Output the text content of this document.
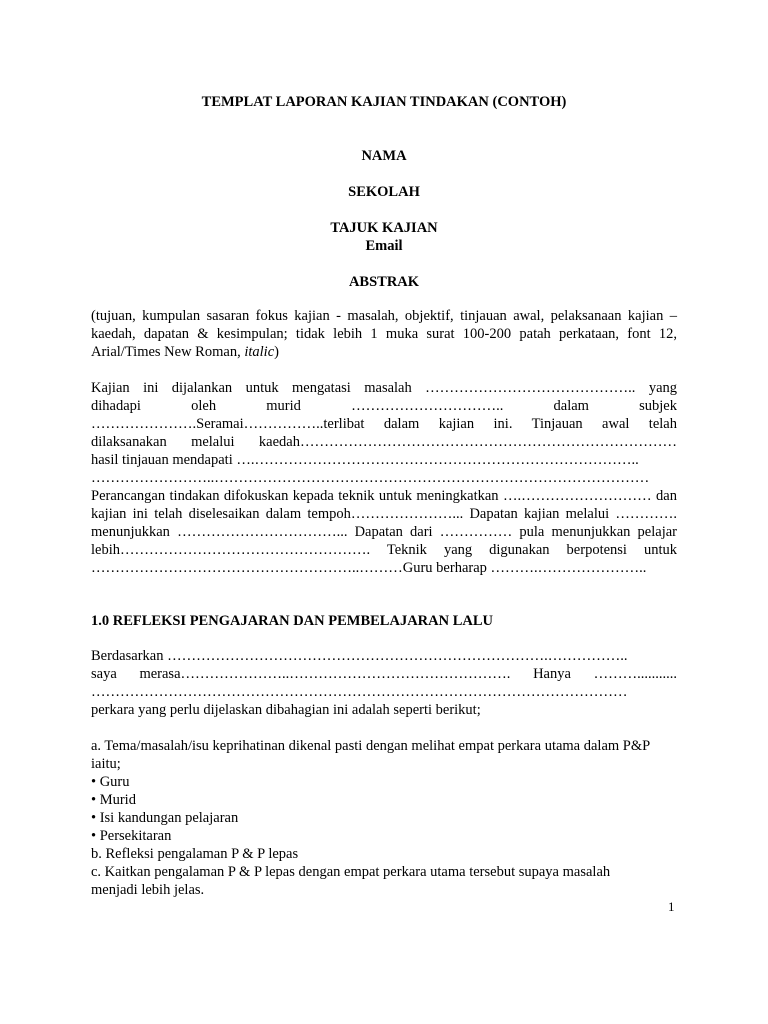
TEMPLAT LAPORAN KAJIAN TINDAKAN (CONTOH)
NAMA
SEKOLAH
TAJUK KAJIAN
Email
ABSTRAK
(tujuan, kumpulan sasaran fokus kajian - masalah, objektif, tinjauan awal, pelaksanaan kajian –
kaedah, dapatan & kesimpulan; tidak lebih 1 muka surat 100-200 patah perkataan, font 12,
Arial/Times New Roman, italic)
Kajian ini dijalankan untuk mengatasi masalah …………………………………….. yang
dihadapi oleh murid ………………………….. dalam subjek
………………….Seramai……………..terlibat dalam kajian ini. Tinjauan awal telah
dilaksanakan melalui kaedah……………………………………………………………………
hasil tinjauan mendapati ….……………………………………………………………………..
……………………..………………………………………………………………………………
Perancangan tindakan difokuskan kepada teknik untuk meningkatkan ….……………………… dan
kajian ini telah diselesaikan dalam tempoh…………………... Dapatan kajian melalui ………….
menunjukkan ……………………………... Dapatan dari …………… pula menunjukkan pelajar
lebih……………………………………………. Teknik yang digunakan berpotensi untuk
………………………………………………..………Guru berharap ……….…………………..
1.0 REFLEKSI PENGAJARAN DAN PEMBELAJARAN LALU
Berdasarkan …………………………………………………………………….……………..
saya merasa…………………..………………………………………. Hanya ………...........
…………………………………………………………………………………………………
perkara yang perlu dijelaskan dibahagian ini adalah seperti berikut;
a. Tema/masalah/isu keprihatinan dikenal pasti dengan melihat empat perkara utama dalam P&P
iaitu;
• Guru
• Murid
• Isi kandungan pelajaran
• Persekitaran
b. Refleksi pengalaman P & P lepas
c. Kaitkan pengalaman P & P lepas dengan empat perkara utama tersebut supaya masalah
menjadi lebih jelas.
1
